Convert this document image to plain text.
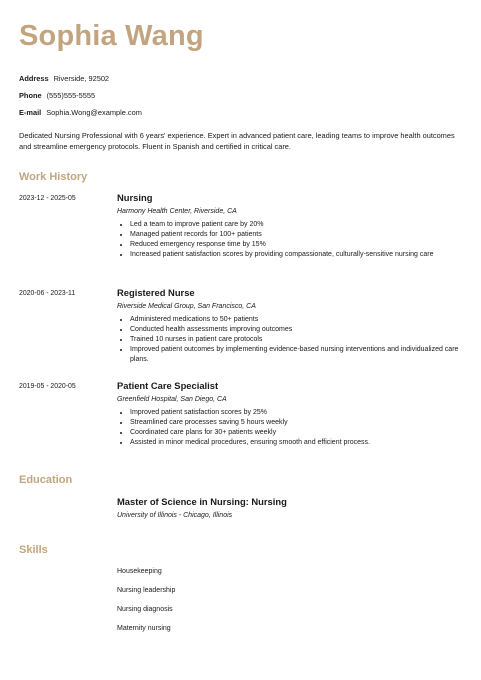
Sophia Wang
Address Riverside, 92502
Phone (555)555-5555
E-mail Sophia.Wong@example.com
Dedicated Nursing Professional with 6 years' experience. Expert in advanced patient care, leading teams to improve health outcomes and streamline emergency protocols. Fluent in Spanish and certified in critical care.
Work History
2023-12 - 2025-05	Nursing
Harmony Health Center, Riverside, CA
• Led a team to improve patient care by 20%
• Managed patient records for 100+ patients
• Reduced emergency response time by 15%
• Increased patient satisfaction scores by providing compassionate, culturally-sensitive nursing care
2020-06 - 2023-11	Registered Nurse
Riverside Medical Group, San Francisco, CA
• Administered medications to 50+ patients
• Conducted health assessments improving outcomes
• Trained 10 nurses in patient care protocols
• Improved patient outcomes by implementing evidence-based nursing interventions and individualized care plans.
2019-05 - 2020-05	Patient Care Specialist
Greenfield Hospital, San Diego, CA
• Improved patient satisfaction scores by 25%
• Streamlined care processes saving 5 hours weekly
• Coordinated care plans for 30+ patients weekly
• Assisted in minor medical procedures, ensuring smooth and efficient process.
Education
Master of Science in Nursing: Nursing
University of Illinois - Chicago, Illinois
Skills
Housekeeping
Nursing leadership
Nursing diagnosis
Maternity nursing
